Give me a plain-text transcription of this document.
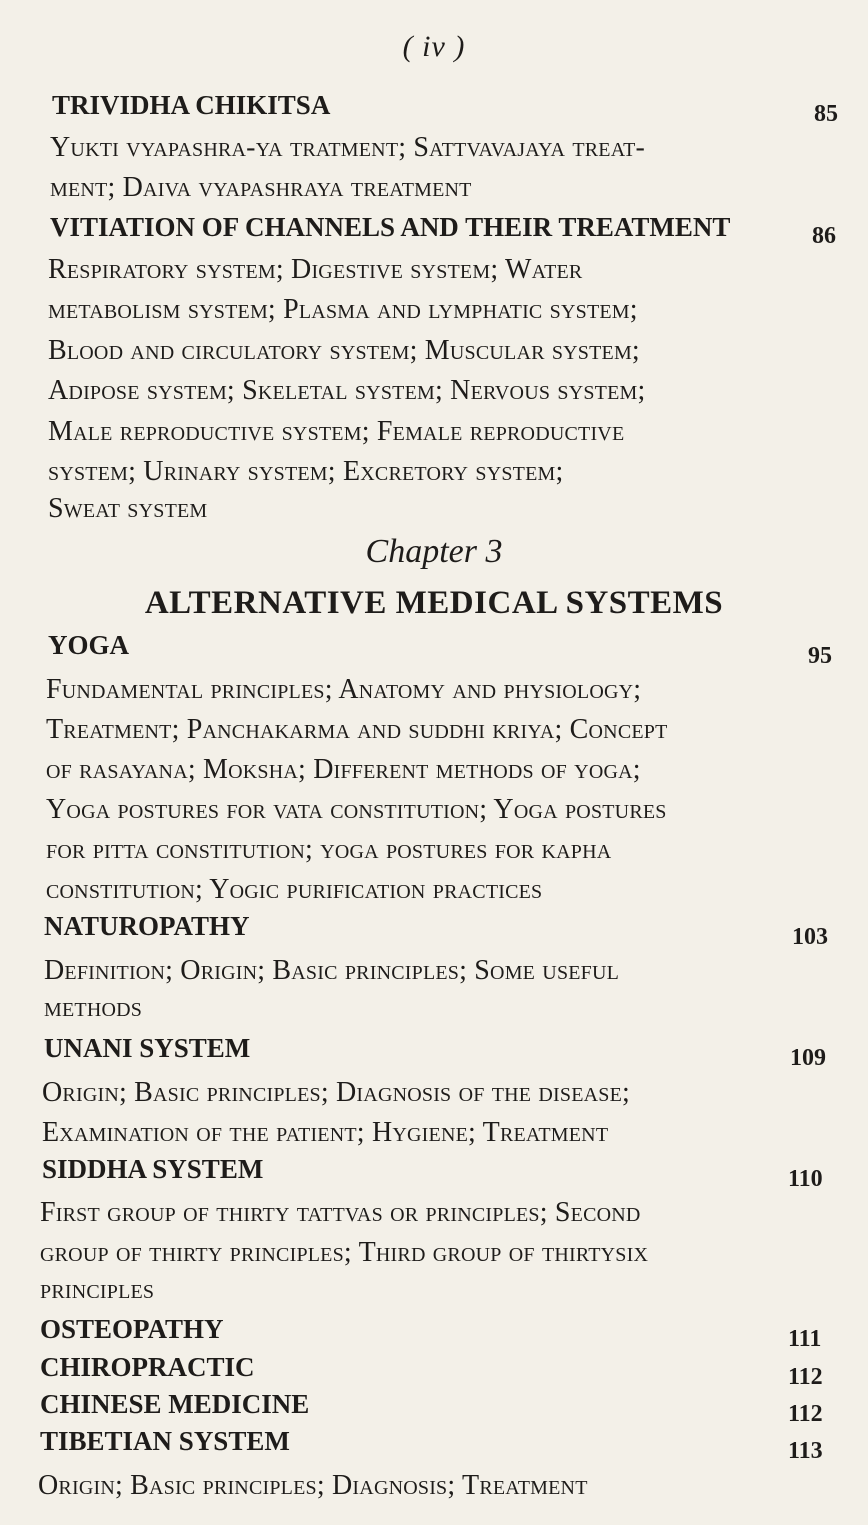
( iv )
TRIVIDHA CHIKITSA	85
Yukti vyapashra-ya tratment; Sattvavajaya treat-
ment; Daiva vyapashraya treatment
VITIATION OF CHANNELS AND THEIR TREATMENT	86
Respiratory system; Digestive system; Water
metabolism system; Plasma and lymphatic system;
Blood and circulatory system; Muscular system;
Adipose system; Skeletal system; Nervous system;
Male reproductive system; Female reproductive
system; Urinary system; Excretory system;
Sweat system
Chapter 3
ALTERNATIVE MEDICAL SYSTEMS
YOGA	95
Fundamental principles; Anatomy and physiology;
Treatment; Panchakarma and suddhi kriya; Concept
of rasayana; Moksha; Different methods of yoga;
Yoga postures for vata constitution; Yoga postures
for pitta constitution; yoga postures for kapha
constitution; Yogic purification practices
NATUROPATHY	103
Definition; Origin; Basic principles; Some useful
methods
UNANI SYSTEM	109
Origin; Basic principles; Diagnosis of the disease;
Examination of the patient; Hygiene; Treatment
SIDDHA SYSTEM	110
First group of thirty tattvas or principles; Second
group of thirty principles; Third group of thirtysix
principles
OSTEOPATHY	111
CHIROPRACTIC	112
CHINESE MEDICINE	112
TIBETIAN SYSTEM	113
Origin; Basic principles; Diagnosis; Treatment
